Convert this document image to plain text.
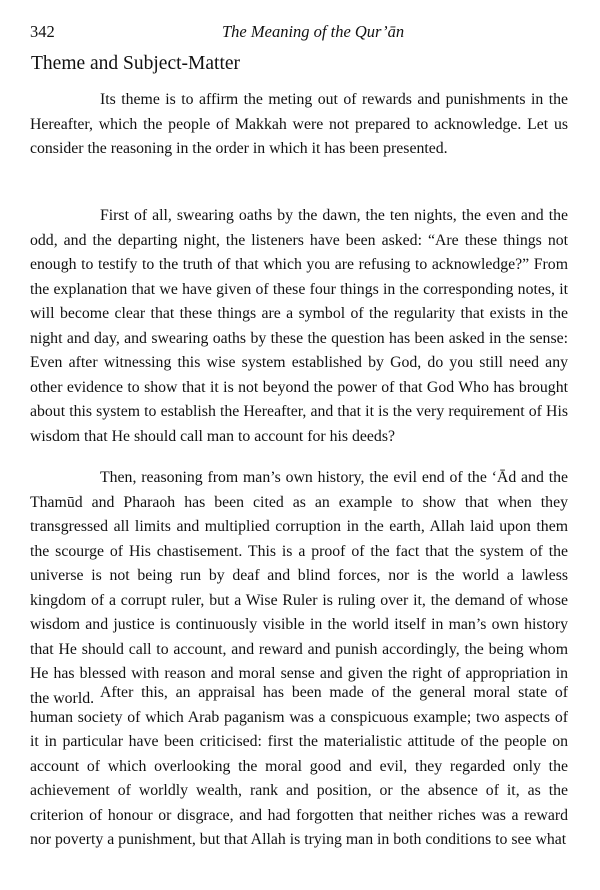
342	The Meaning of the Qur’ān
Theme and Subject-Matter

Its theme is to affirm the meting out of rewards and punishments in the Hereafter, which the people of Makkah were not prepared to acknowledge. Let us consider the reasoning in the order in which it has been presented.

First of all, swearing oaths by the dawn, the ten nights, the even and the odd, and the departing night, the listeners have been asked: “Are these things not enough to testify to the truth of that which you are refusing to acknowledge?” From the explanation that we have given of these four things in the corresponding notes, it will become clear that these things are a symbol of the regularity that exists in the night and day, and swearing oaths by these the question has been asked in the sense: Even after witnessing this wise system established by God, do you still need any other evidence to show that it is not beyond the power of that God Who has brought about this system to establish the Hereafter, and that it is the very requirement of His wisdom that He should call man to account for his deeds?

Then, reasoning from man’s own history, the evil end of the ‘Ād and the Thamūd and Pharaoh has been cited as an example to show that when they transgressed all limits and multiplied corruption in the earth, Allah laid upon them the scourge of His chastisement. This is a proof of the fact that the system of the universe is not being run by deaf and blind forces, nor is the world a lawless kingdom of a corrupt ruler, but a Wise Ruler is ruling over it, the demand of whose wisdom and justice is continuously visible in the world itself in man’s own history that He should call to account, and reward and punish accordingly, the being whom He has blessed with reason and moral sense and given the right of appropriation in the world. After this, an appraisal has been made of the general moral state of human society of which Arab paganism was a conspicuous example; two aspects of it in particular have been criticised: first the materialistic attitude of the people on account of which overlooking the moral good and evil, they regarded only the achievement of worldly wealth, rank and position, or the absence of it, as the criterion of honour or disgrace, and had forgotten that neither riches was a reward nor poverty a punishment, but that Allah is trying man in both conditions to see what
